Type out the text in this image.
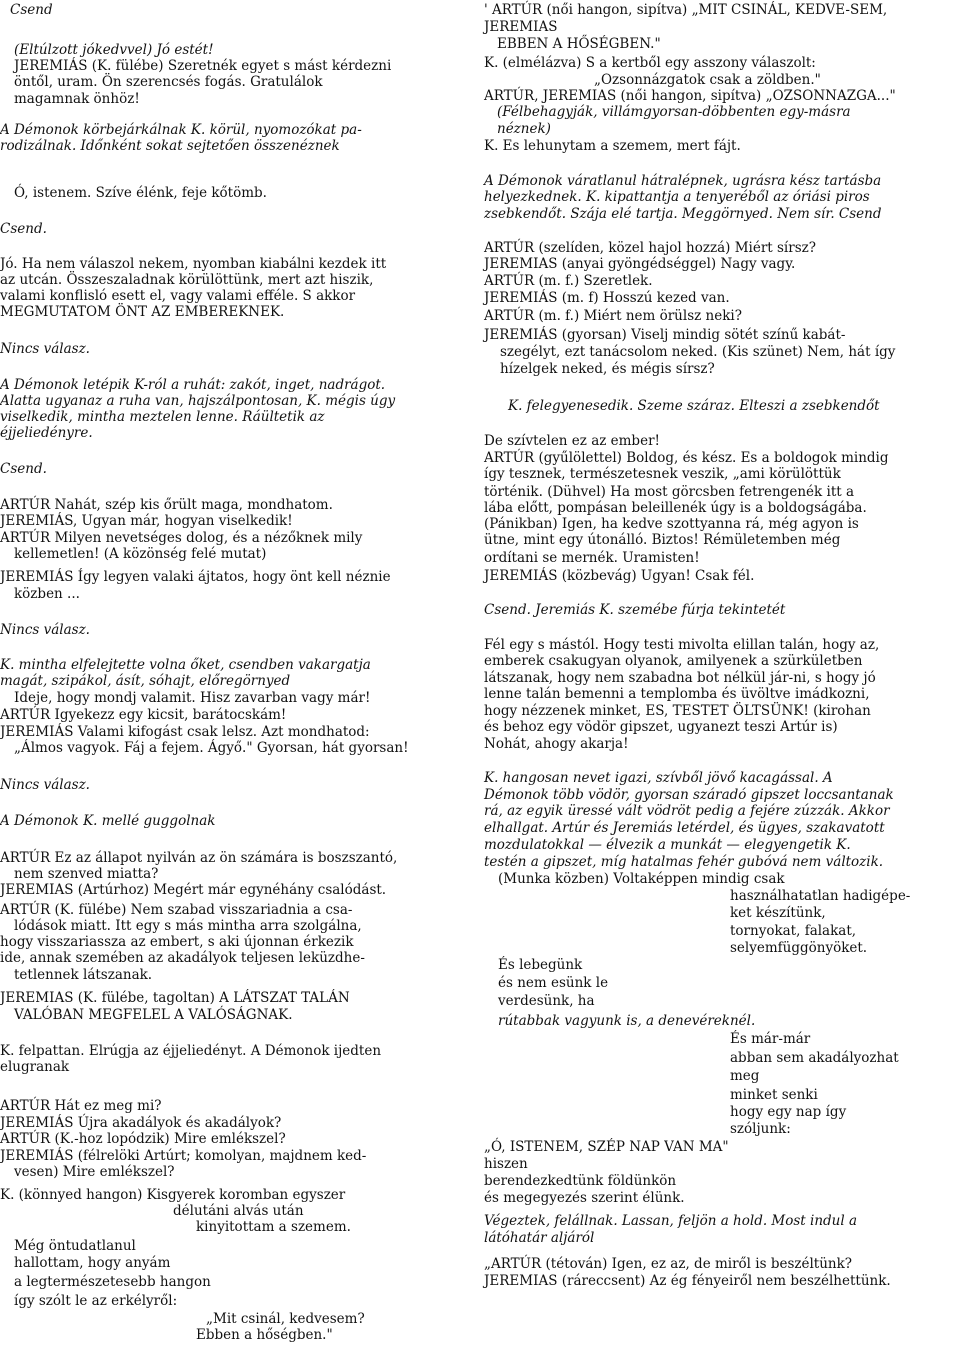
Csend
(Eltúlzott jókedvvel) Jó estét!
JEREMIÁS (K. fülébe) Szeretnék egyet s mást kérdezni
öntől, uram. Ön szerencsés fogás. Gratulálok
magamnak önhöz!
A Démonok körbejárkálnak K. körül, nyomozókat pa-
rodizálnak. Időnként sokat sejtetően összenéznek
Ó, istenem. Szíve élénk, feje kőtömb.
Csend.
Jó. Ha nem válaszol nekem, nyomban kiabálni kezdek itt
az utcán. Összeszaladnak körülöttünk, mert azt hiszik,
valami konflisló esett el, vagy valami efféle. S akkor
MEGMUTATOM ÖNT AZ EMBEREKNEK.
Nincs válasz.
A Démonok letépik K-ról a ruhát: zakót, inget, nadrágot.
Alatta ugyanaz a ruha van, hajszálpontosan, K. mégis úgy
viselkedik, mintha meztelen lenne. Ráültetik az
éjjeliedényre.
Csend.
ARTÚR Nahát, szép kis őrült maga, mondhatom.
JEREMIÁS, Ugyan már, hogyan viselkedik!
ARTÚR Milyen nevetséges dolog, és a nézőknek mily
kellemetlen! (A közönség felé mutat)
JEREMIÁS Így legyen valaki ájtatos, hogy önt kell néznie
közben ...
Nincs válasz.
K. mintha elfelejtette volna őket, csendben vakargatja
magát, szipákol, ásít, sóhajt, előregörnyed
Ideje, hogy mondj valamit. Hisz zavarban vagy már!
ARTÚR Igyekezz egy kicsit, barátocskám!
JEREMIÁS Valami kifogást csak lelsz. Azt mondhatod:
„Álmos vagyok. Fáj a fejem. Ágyő." Gyorsan, hát gyorsan!
Nincs válasz.
A Démonok K. mellé guggolnak
ARTÚR Ez az állapot nyilván az ön számára is boszszantó,
nem szenved miatta?
JEREMIAS (Artúrhoz) Megért már egynéhány csalódást.
ARTÚR (K. fülébe) Nem szabad visszariadnia a csa-
lódások miatt. Itt egy s más mintha arra szolgálna,
hogy visszariassza az embert, s aki újonnan érkezik
ide, annak szemében az akadályok teljesen leküzdhe-
tetlennek látszanak.
JEREMIAS (K. fülébe, tagoltan) A LÁTSZAT TALÁN
VALÓBAN MEGFELEL A VALÓSÁGNAK.
K. felpattan. Elrúgja az éjjeliedényt. A Démonok ijedten
elugranak
ARTÚR Hát ez meg mi?
JEREMIÁS Újra akadályok és akadályok?
ARTÚR (K.-hoz lopódzik) Mire emlékszel?
JEREMIÁS (félrelöki Artúrt; komolyan, majdnem ked-
vesen) Mire emlékszel?
K. (könnyed hangon) Kisgyerek koromban egyszer
délutáni alvás után
kinyitottam a szemem.
Még öntudatlanul
hallottam, hogy anyám
a legtermészetesebb hangon
így szólt le az erkélyről:
„Mit csinál, kedvesem?
Ebben a hőségben."
' ARTÚR (női hangon, sipítva) „MIT CSINÁL, KEDVE-SEM,
JEREMIAS
EBBEN A HŐSÉGBEN."
K. (elmélázva) S a kertből egy asszony válaszolt:
„Ozsonnázgatok csak a zöldben."
ARTÚR, JEREMIAS (női hangon, sipítva) „OZSONNAZGA..."
(Félbehagyják, villámgyorsan-döbbenten egy-másra
néznek)
K. Es lehunytam a szemem, mert fájt.
A Démonok váratlanul hátralépnek, ugrásra kész tartásba
helyezkednek. K. kipattantja a tenyeréből az óriási piros
zsebkendőt. Szája elé tartja. Meggörnyed. Nem sír. Csend
ARTÚR (szelíden, közel hajol hozzá) Miért sírsz?
JEREMIAS (anyai gyöngédséggel) Nagy vagy.
ARTÚR (m. f.) Szeretlek.
JEREMIÁS (m. f) Hosszú kezed van.
ARTÚR (m. f.) Miért nem örülsz neki?
JEREMIÁS (gyorsan) Viselj mindig sötét színű kabát-
szegélyt, ezt tanácsolom neked. (Kis szünet) Nem, hát így
hízelgek neked, és mégis sírsz?
K. felegyenesedik. Szeme száraz. Elteszi a zsebkendőt
De szívtelen ez az ember!
ARTÚR (gyűlölettel) Boldog, és kész. Es a boldogok mindig
így tesznek, természetesnek veszik, „ami körülöttük
történik. (Dühvel) Ha most görcsben fetrengenék itt a
lába előtt, pompásan beleillenék úgy is a boldogságába.
(Pánikban) Igen, ha kedve szottyanna rá, még agyon is
ütne, mint egy útonálló. Biztos! Rémületemben még
ordítani se mernék. Uramisten!
JEREMIÁS (közbevág) Ugyan! Csak fél.
Csend. Jeremiás K. szemébe fúrja tekintetét
Fél egy s mástól. Hogy testi mivolta elillan talán, hogy az,
emberek csakugyan olyanok, amilyenek a szürkületben
látszanak, hogy nem szabadna bot nélkül jár-ni, s hogy jó
lenne talán bemenni a templomba és üvöltve imádkozni,
hogy nézzenek minket, ES, TESTET ÖLTSÜNK! (kirohan
és behoz egy vödör gipszet, ugyanezt teszi Artúr is)
Nohát, ahogy akarja!
K. hangosan nevet igazi, szívből jövő kacagással. A
Démonok több vödör, gyorsan száradó gipszet loccsantanak
rá, az egyik üressé vált vödröt pedig a fejére zúzzák. Akkor
elhallgat. Artúr és Jeremiás letérdel, és ügyes, szakavatott
mozdulatokkal — élvezik a munkát — elegyengetik K.
testén a gipszet, míg hatalmas fehér gubóvá nem változik.
(Munka közben) Voltaképpen mindig csak
használhatatlan hadigépe-
ket készítünk,
tornyokat, falakat,
selyemfüggönyöket.
És lebegünk
és nem esünk le
verdesünk, ha
rútabbak vagyunk is, a denevéreknél.
És már-már
abban sem akadályozhat
meg
minket senki
hogy egy nap így
szóljunk:
„Ó, ISTENEM, SZÉP NAP VAN MA"
hiszen
berendezkedtünk földünkön
és megegyezés szerint élünk.
Végeztek, felállnak. Lassan, feljön a hold. Most indul a
látóhatár aljáról
„ARTÚR (tétován) Igen, ez az, de miről is beszéltünk?
JEREMIAS (ráreccsent) Az ég fényeiről nem beszélhettünk.
